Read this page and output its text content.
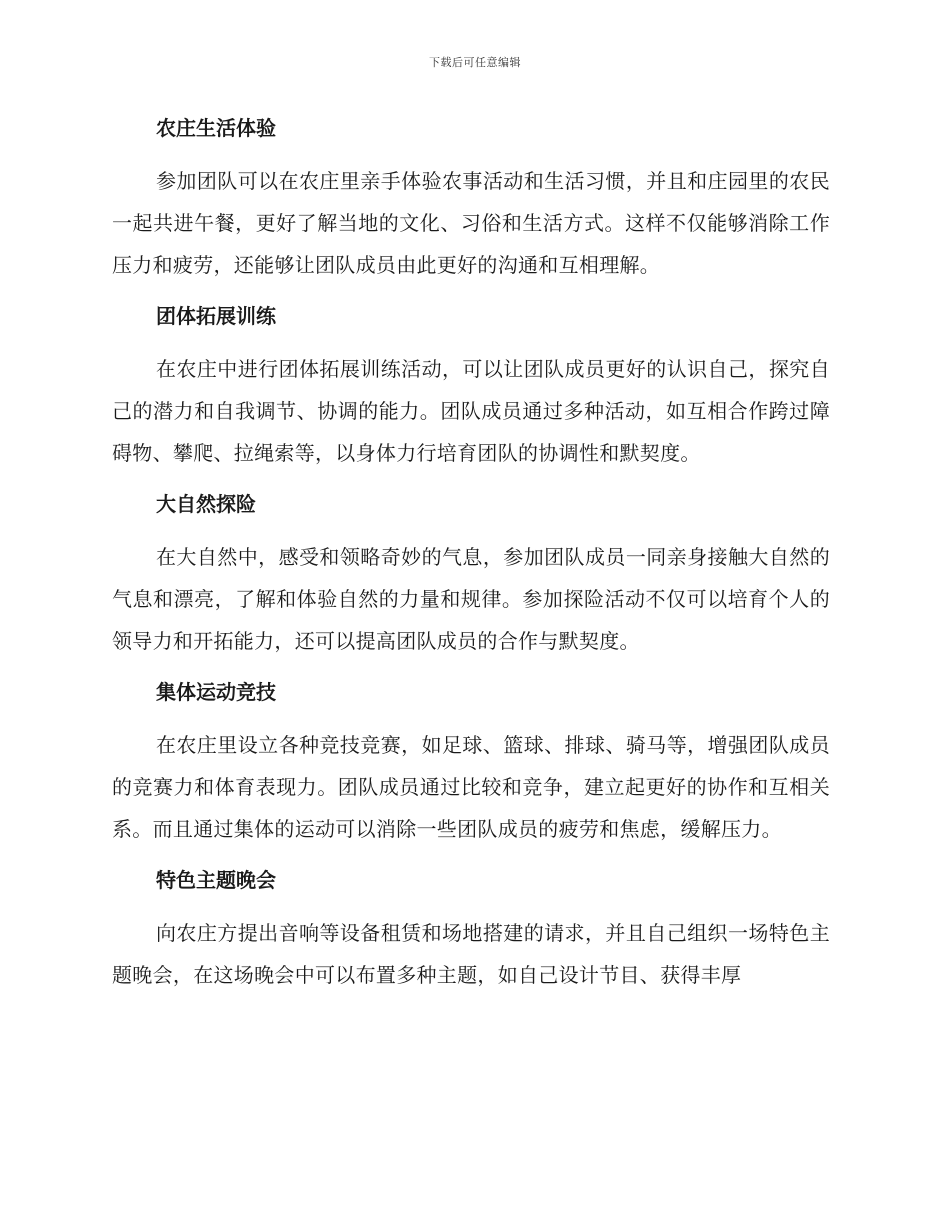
下载后可任意编辑
农庄生活体验

参加团队可以在农庄里亲手体验农事活动和生活习惯，并且和庄园里的农民一起共进午餐，更好了解当地的文化、习俗和生活方式。这样不仅能够消除工作压力和疲劳，还能够让团队成员由此更好的沟通和互相理解。

团体拓展训练

在农庄中进行团体拓展训练活动，可以让团队成员更好的认识自己，探究自己的潜力和自我调节、协调的能力。团队成员通过多种活动，如互相合作跨过障碍物、攀爬、拉绳索等，以身体力行培育团队的协调性和默契度。

大自然探险

在大自然中，感受和领略奇妙的气息，参加团队成员一同亲身接触大自然的气息和漂亮，了解和体验自然的力量和规律。参加探险活动不仅可以培育个人的领导力和开拓能力，还可以提高团队成员的合作与默契度。

集体运动竞技

在农庄里设立各种竞技竞赛，如足球、篮球、排球、骑马等，增强团队成员的竞赛力和体育表现力。团队成员通过比较和竞争，建立起更好的协作和互相关系。而且通过集体的运动可以消除一些团队成员的疲劳和焦虑，缓解压力。

特色主题晚会

向农庄方提出音响等设备租赁和场地搭建的请求，并且自己组织一场特色主题晚会，在这场晚会中可以布置多种主题，如自己设计节目、获得丰厚
